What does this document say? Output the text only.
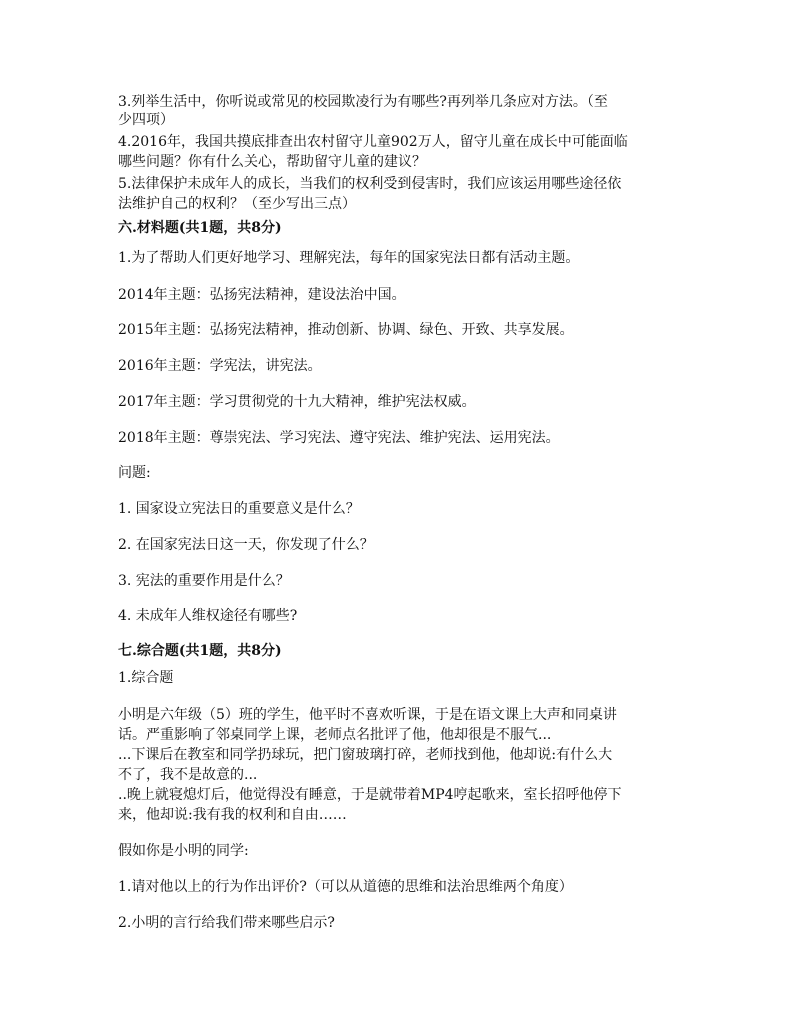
3.列举生活中，你听说或常见的校园欺凌行为有哪些?再列举几条应对方法。（至
少四项）
4.2016年，我国共摸底排查出农村留守儿童902万人，留守儿童在成长中可能面临
哪些问题？你有什么关心，帮助留守儿童的建议？
5.法律保护未成年人的成长，当我们的权利受到侵害时，我们应该运用哪些途径依
法维护自己的权利？（至少写出三点）
六.材料题(共1题，共8分)
1.为了帮助人们更好地学习、理解宪法，每年的国家宪法日都有活动主题。
2014年主题：弘扬宪法精神，建设法治中国。
2015年主题：弘扬宪法精神，推动创新、协调、绿色、开致、共享发展。
2016年主题：学宪法，讲宪法。
2017年主题：学习贯彻党的十九大精神，维护宪法权威。
2018年主题：尊崇宪法、学习宪法、遵守宪法、维护宪法、运用宪法。
问题:
1. 国家设立宪法日的重要意义是什么？
2. 在国家宪法日这一天，你发现了什么？
3. 宪法的重要作用是什么？
4. 未成年人维权途径有哪些?
七.综合题(共1题，共8分)
1.综合题
小明是六年级（5）班的学生，他平时不喜欢听课，于是在语文课上大声和同桌讲
话。严重影响了邻桌同学上课，老师点名批评了他，他却很是不服气...
...下课后在教室和同学扔球玩，把门窗玻璃打碎，老师找到他，他却说:有什么大
不了，我不是故意的...
..晚上就寝熄灯后，他觉得没有睡意，于是就带着MP4哼起歌来，室长招呼他停下
来，他却说:我有我的权利和自由……
假如你是小明的同学:
1.请对他以上的行为作出评价?（可以从道德的思维和法治思维两个角度）
2.小明的言行给我们带来哪些启示?
